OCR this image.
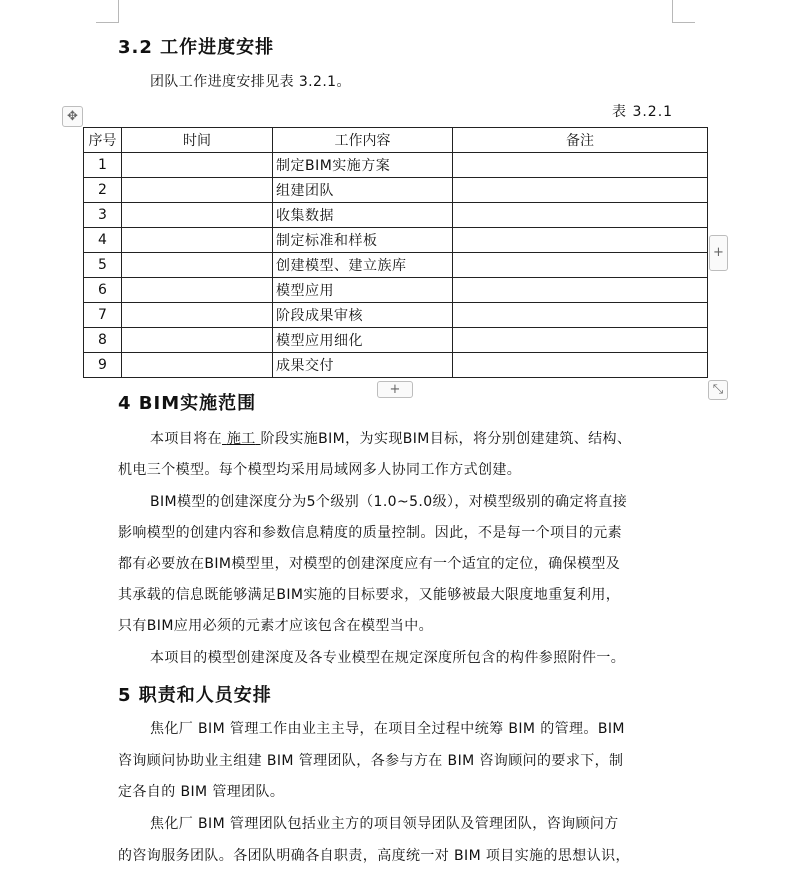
3.2 工作进度安排
团队工作进度安排见表 3.2.1。
✥	表 3.2.1
序号	时间	工作内容	备注
1		制定BIM实施方案	
2		组建团队	
3		收集数据	
4		制定标准和样板	
5		创建模型、建立族库	
6		模型应用	
7		阶段成果审核	
8		模型应用细化	
9		成果交付	
+
+	⤡
4 BIM实施范围
本项目将在 施工 阶段实施BIM，为实现BIM目标，将分别创建建筑、结构、
机电三个模型。每个模型均采用局域网多人协同工作方式创建。
BIM模型的创建深度分为5个级别（1.0~5.0级），对模型级别的确定将直接
影响模型的创建内容和参数信息精度的质量控制。因此，不是每一个项目的元素
都有必要放在BIM模型里，对模型的创建深度应有一个适宜的定位，确保模型及
其承载的信息既能够满足BIM实施的目标要求，又能够被最大限度地重复利用，
只有BIM应用必须的元素才应该包含在模型当中。
本项目的模型创建深度及各专业模型在规定深度所包含的构件参照附件一。
5 职责和人员安排
焦化厂 BIM 管理工作由业主主导，在项目全过程中统筹 BIM 的管理。BIM
咨询顾问协助业主组建 BIM 管理团队，各参与方在 BIM 咨询顾问的要求下，制
定各自的 BIM 管理团队。
焦化厂 BIM 管理团队包括业主方的项目领导团队及管理团队，咨询顾问方
的咨询服务团队。各团队明确各自职责，高度统一对 BIM 项目实施的思想认识，
